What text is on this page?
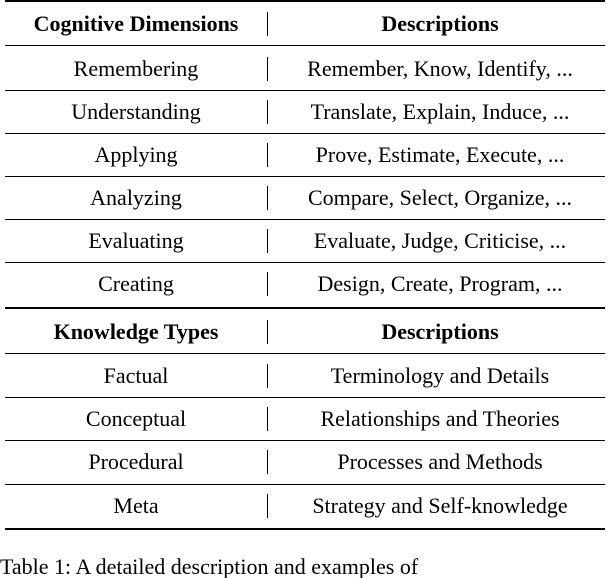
Cognitive Dimensions	Descriptions
Remembering	Remember, Know, Identify, ...
Understanding	Translate, Explain, Induce, ...
Applying	Prove, Estimate, Execute, ...
Analyzing	Compare, Select, Organize, ...
Evaluating	Evaluate, Judge, Criticise, ...
Creating	Design, Create, Program, ...
Knowledge Types	Descriptions
Factual	Terminology and Details
Conceptual	Relationships and Theories
Procedural	Processes and Methods
Meta	Strategy and Self-knowledge
Table 1: A detailed description and examples of
